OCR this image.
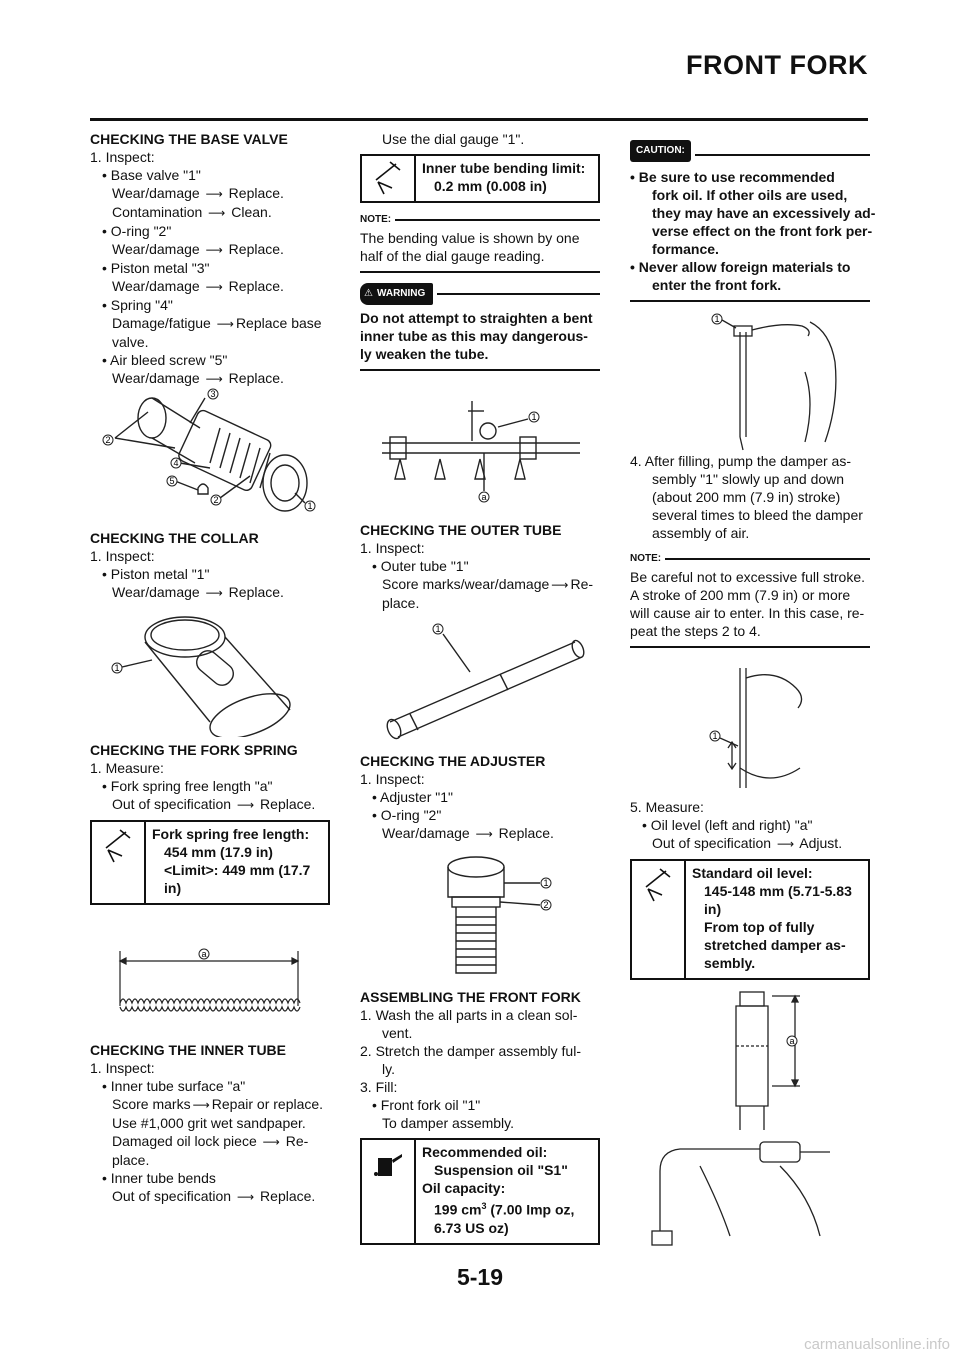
FRONT FORK
CHECKING THE BASE VALVE
1. Inspect:
• Base valve "1"
Wear/damage ⟶ Replace.
Contamination ⟶ Clean.
• O-ring "2"
Wear/damage ⟶ Replace.
• Piston metal "3"
Wear/damage ⟶ Replace.
• Spring "4"
Damage/fatigue ⟶ Replace base
valve.
• Air bleed screw "5"
Wear/damage ⟶ Replace.
3
2
4
5
2
1
CHECKING THE COLLAR
1. Inspect:
• Piston metal "1"
Wear/damage ⟶ Replace.
1
CHECKING THE FORK SPRING
1. Measure:
• Fork spring free length "a"
Out of specification ⟶ Replace.
Fork spring free length:
454 mm (17.9 in)
<Limit>: 449 mm (17.7
in)
a
CHECKING THE INNER TUBE
1. Inspect:
• Inner tube surface "a"
Score marks ⟶ Repair or replace.
Use #1,000 grit wet sandpaper.
Damaged oil lock piece ⟶ Re-
place.
• Inner tube bends
Out of specification ⟶ Replace.
Use the dial gauge "1".
Inner tube bending limit:
0.2 mm (0.008 in)
NOTE:
The bending value is shown by one
half of the dial gauge reading.
⚠ WARNING
Do not attempt to straighten a bent
inner tube as this may dangerous-
ly weaken the tube.
1
a
CHECKING THE OUTER TUBE
1. Inspect:
• Outer tube "1"
Score marks/wear/damage ⟶ Re-
place.
1
CHECKING THE ADJUSTER
1. Inspect:
• Adjuster "1"
• O-ring "2"
Wear/damage ⟶ Replace.
1
2
ASSEMBLING THE FRONT FORK
1. Wash the all parts in a clean sol-
vent.
2. Stretch the damper assembly ful-
ly.
3. Fill:
• Front fork oil "1"
To damper assembly.
Recommended oil:
Suspension oil "S1"
Oil capacity:
199 $cm^3$ (7.00 Imp oz,
6.73 US oz)
CAUTION:
• Be sure to use recommended
fork oil. If other oils are used,
they may have an excessively ad-
verse effect on the front fork per-
formance.
• Never allow foreign materials to
enter the front fork.
1
4. After filling, pump the damper as-
sembly "1" slowly up and down
(about 200 mm (7.9 in) stroke)
several times to bleed the damper
assembly of air.
NOTE:
Be careful not to excessive full stroke.
A stroke of 200 mm (7.9 in) or more
will cause air to enter. In this case, re-
peat the steps 2 to 4.
1
5. Measure:
• Oil level (left and right) "a"
Out of specification ⟶ Adjust.
Standard oil level:
145-148 mm (5.71-5.83
in)
From top of fully
stretched damper as-
sembly.
a
5-19
carmanualsonline.info
